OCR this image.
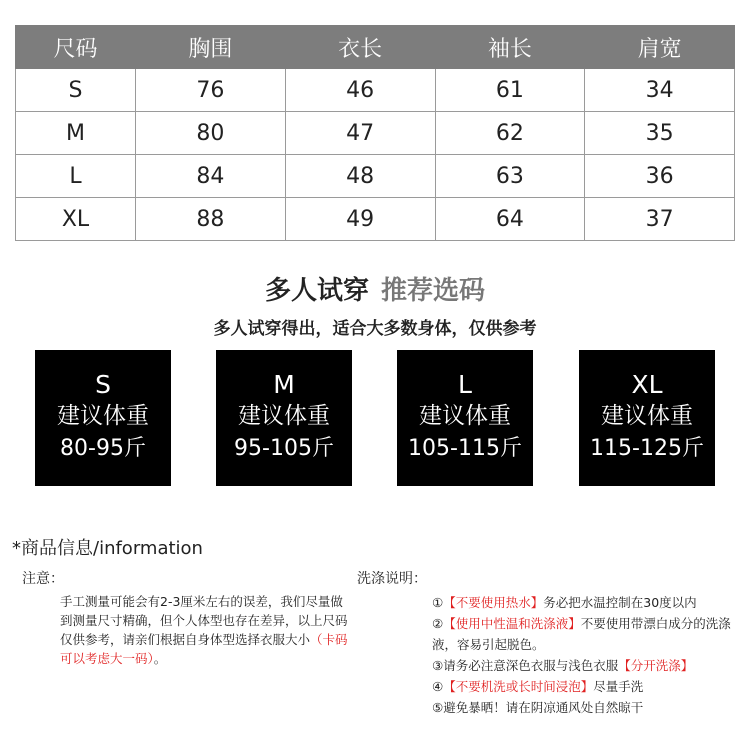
尺码	胸围	衣长	袖长	肩宽
S	76	46	61	34
M	80	47	62	35
L	84	48	63	36
XL	88	49	64	37
多人试穿 推荐选码
多人试穿得出，适合大多数身体，仅供参考
S
建议体重
80-95斤
M
建议体重
95-105斤
L
建议体重
105-115斤
XL
建议体重
115-125斤
*商品信息/information
注意：
手工测量可能会有2-3厘米左右的误差，我们尽量做到测量尺寸精确，但个人体型也存在差异，以上尺码仅供参考，请亲们根据自身体型选择衣服大小（卡码可以考虑大一码）。
洗涤说明：
①【不要使用热水】务必把水温控制在30度以内
②【使用中性温和洗涤液】不要使用带漂白成分的洗涤液，容易引起脱色。
③请务必注意深色衣服与浅色衣服【分开洗涤】
④【不要机洗或长时间浸泡】尽量手洗
⑤避免暴晒！请在阴凉通风处自然晾干
